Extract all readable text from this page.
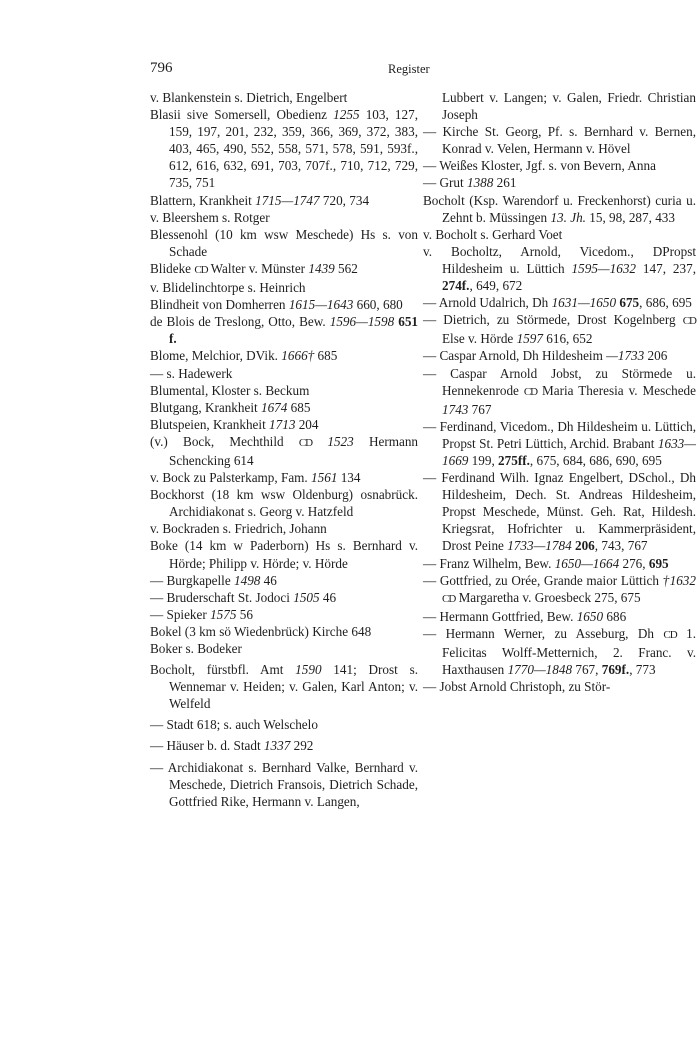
796	Register
v. Blankenstein s. Dietrich, Engelbert
Blasii sive Somersell, Obedienz 1255 103, 127, 159, 197, 201, 232, 359, 366, 369, 372, 383, 403, 465, 490, 552, 558, 571, 578, 591, 593f., 612, 616, 632, 691, 703, 707f., 710, 712, 729, 735, 751
Blattern, Krankheit 1715—1747 720, 734
v. Bleershem s. Rotger
Blessenohl (10 km wsw Meschede) Hs s. von Schade
Blideke CD Walter v. Münster 1439 562
v. Blidelinchtorpe s. Heinrich
Blindheit von Domherren 1615—1643 660, 680
de Blois de Treslong, Otto, Bew. 1596—1598 651 f.
Blome, Melchior, DVik. 1666† 685
— s. Hadewerk
Blumental, Kloster s. Beckum
Blutgang, Krankheit 1674 685
Blutspeien, Krankheit 1713 204
(v.) Bock, Mechthild CD 1523 Hermann Schencking 614
v. Bock zu Palsterkamp, Fam. 1561 134
Bockhorst (18 km wsw Oldenburg) osnabrück. Archidiakonat s. Georg v. Hatzfeld
v. Bockraden s. Friedrich, Johann
Boke (14 km w Paderborn) Hs s. Bernhard v. Hörde; Philipp v. Hörde; v. Hörde
— Burgkapelle 1498 46
— Bruderschaft St. Jodoci 1505 46
— Spieker 1575 56
Bokel (3 km sö Wiedenbrück) Kirche 648
Boker s. Bodeker
Bocholt, fürstbfl. Amt 1590 141; Drost s. Wennemar v. Heiden; v. Galen, Karl Anton; v. Welfeld
— Stadt 618; s. auch Welschelo
— Häuser b. d. Stadt 1337 292
— Archidiakonat s. Bernhard Valke, Bernhard v. Meschede, Dietrich Fransois, Dietrich Schade, Gottfried Rike, Hermann v. Langen,
Lubbert v. Langen; v. Galen, Friedr. Christian Joseph
— Kirche St. Georg, Pf. s. Bernhard v. Bernen, Konrad v. Velen, Hermann v. Hövel
— Weißes Kloster, Jgf. s. von Bevern, Anna
— Grut 1388 261
Bocholt (Ksp. Warendorf u. Freckenhorst) curia u. Zehnt b. Müssingen 13. Jh. 15, 98, 287, 433
v. Bocholt s. Gerhard Voet
v. Bocholtz, Arnold, Vicedom., DPropst Hildesheim u. Lüttich 1595—1632 147, 237, 274f., 649, 672
— Arnold Udalrich, Dh 1631—1650 675, 686, 695
— Dietrich, zu Störmede, Drost Kogelnberg CD Else v. Hörde 1597 616, 652
— Caspar Arnold, Dh Hildesheim —1733 206
— Caspar Arnold Jobst, zu Störmede u. Hennekenrode CD Maria Theresia v. Meschede 1743 767
— Ferdinand, Vicedom., Dh Hildesheim u. Lüttich, Propst St. Petri Lüttich, Archid. Brabant 1633—1669 199, 275ff., 675, 684, 686, 690, 695
— Ferdinand Wilh. Ignaz Engelbert, DSchol., Dh Hildesheim, Dech. St. Andreas Hildesheim, Propst Meschede, Münst. Geh. Rat, Hildesh. Kriegsrat, Hofrichter u. Kammerpräsident, Drost Peine 1733—1784 206, 743, 767
— Franz Wilhelm, Bew. 1650—1664 276, 695
— Gottfried, zu Orée, Grande maior Lüttich †1632 CD Margaretha v. Groesbeck 275, 675
— Hermann Gottfried, Bew. 1650 686
— Hermann Werner, zu Asseburg, Dh CD 1. Felicitas Wolff-Metternich, 2. Franc. v. Haxthausen 1770—1848 767, 769f., 773
— Jobst Arnold Christoph, zu Stör-
